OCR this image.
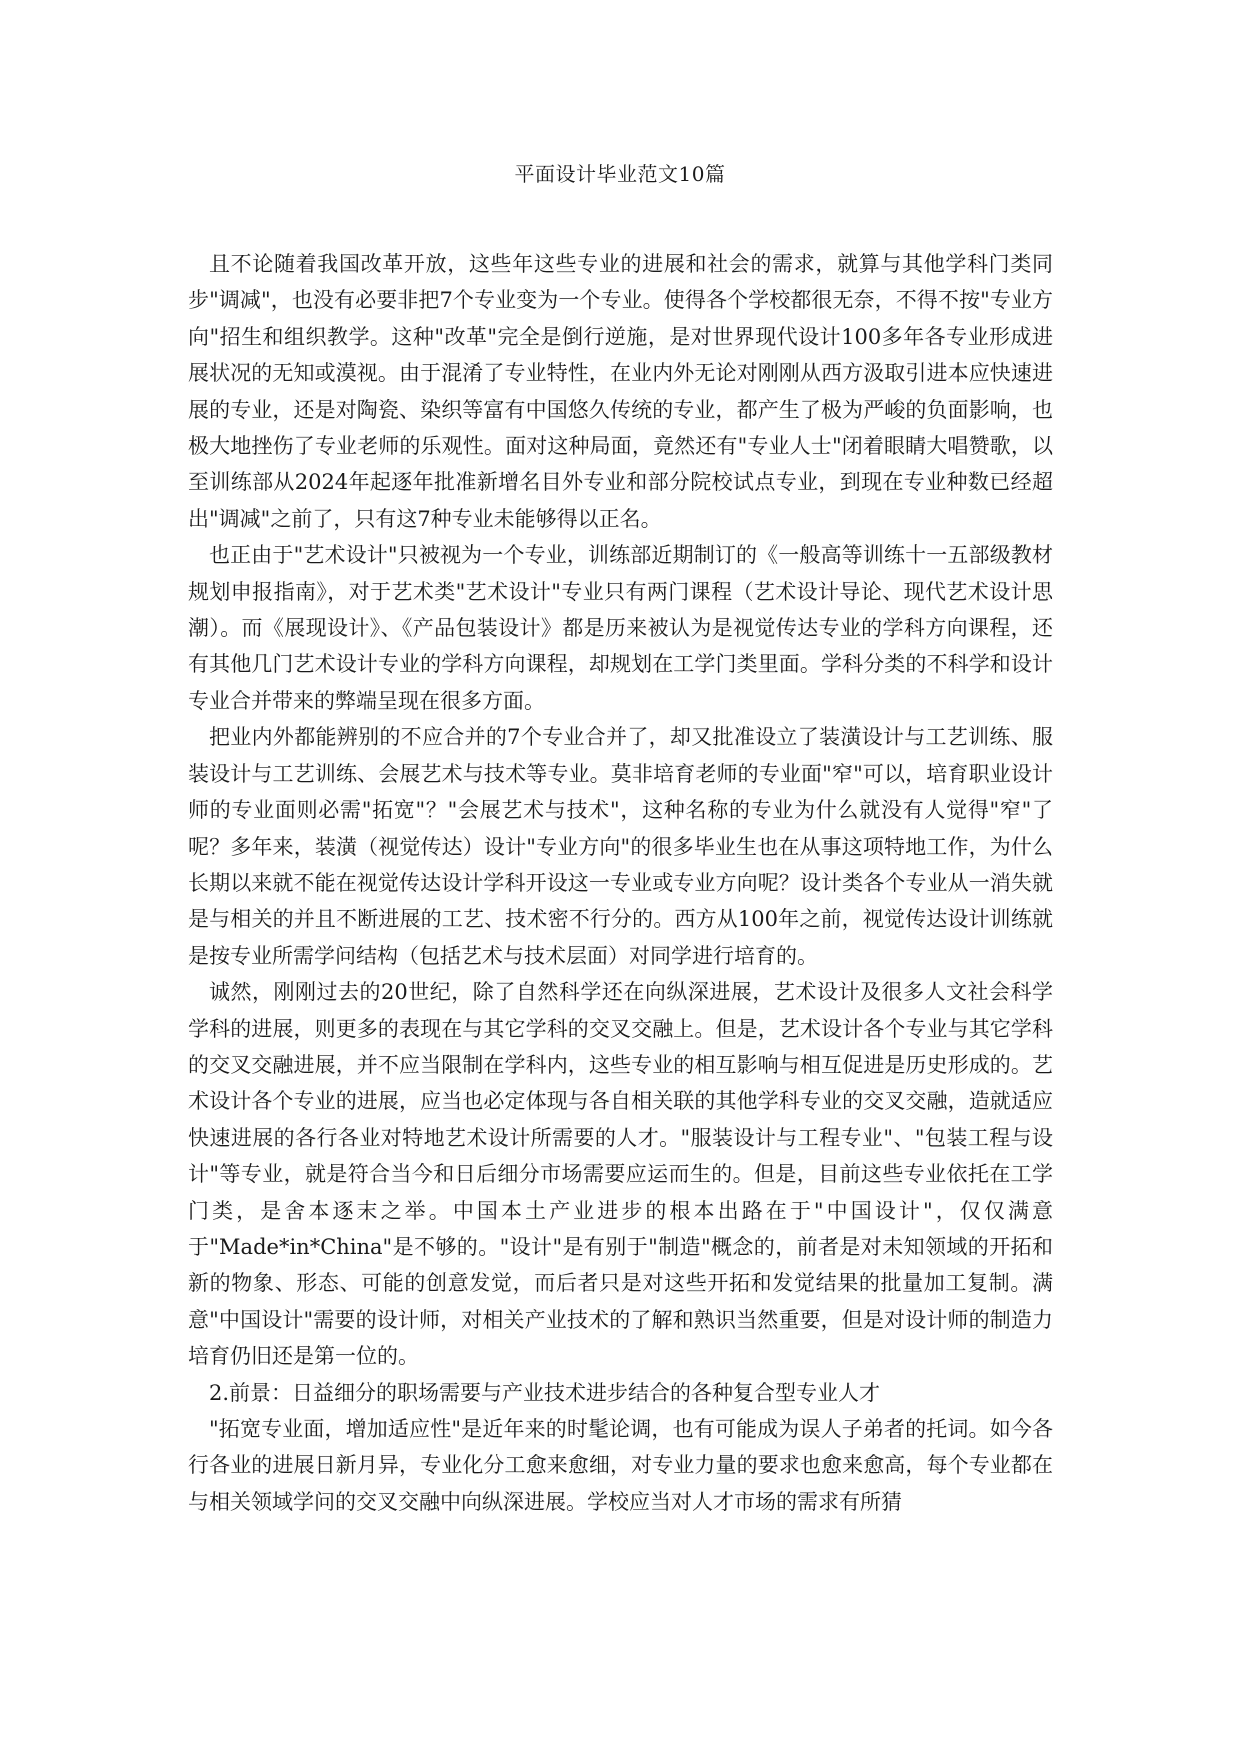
平面设计毕业范文10篇

且不论随着我国改革开放，这些年这些专业的进展和社会的需求，就算与其他学科门类同步"调减"，也没有必要非把7个专业变为一个专业。使得各个学校都很无奈，不得不按"专业方向"招生和组织教学。这种"改革"完全是倒行逆施，是对世界现代设计100多年各专业形成进展状况的无知或漠视。由于混淆了专业特性，在业内外无论对刚刚从西方汲取引进本应快速进展的专业，还是对陶瓷、染织等富有中国悠久传统的专业，都产生了极为严峻的负面影响，也极大地挫伤了专业老师的乐观性。面对这种局面，竟然还有"专业人士"闭着眼睛大唱赞歌，以至训练部从2024年起逐年批准新增名目外专业和部分院校试点专业，到现在专业种数已经超出"调减"之前了，只有这7种专业未能够得以正名。

也正由于"艺术设计"只被视为一个专业，训练部近期制订的《一般高等训练十一五部级教材规划申报指南》，对于艺术类"艺术设计"专业只有两门课程（艺术设计导论、现代艺术设计思潮）。而《展现设计》、《产品包装设计》都是历来被认为是视觉传达专业的学科方向课程，还有其他几门艺术设计专业的学科方向课程，却规划在工学门类里面。学科分类的不科学和设计专业合并带来的弊端呈现在很多方面。

把业内外都能辨别的不应合并的7个专业合并了，却又批准设立了装潢设计与工艺训练、服装设计与工艺训练、会展艺术与技术等专业。莫非培育老师的专业面"窄"可以，培育职业设计师的专业面则必需"拓宽"？"会展艺术与技术"，这种名称的专业为什么就没有人觉得"窄"了呢？多年来，装潢（视觉传达）设计"专业方向"的很多毕业生也在从事这项特地工作，为什么长期以来就不能在视觉传达设计学科开设这一专业或专业方向呢？设计类各个专业从一消失就是与相关的并且不断进展的工艺、技术密不行分的。西方从100年之前，视觉传达设计训练就是按专业所需学问结构（包括艺术与技术层面）对同学进行培育的。

诚然，刚刚过去的20世纪，除了自然科学还在向纵深进展，艺术设计及很多人文社会科学学科的进展，则更多的表现在与其它学科的交叉交融上。但是，艺术设计各个专业与其它学科的交叉交融进展，并不应当限制在学科内，这些专业的相互影响与相互促进是历史形成的。艺术设计各个专业的进展，应当也必定体现与各自相关联的其他学科专业的交叉交融，造就适应快速进展的各行各业对特地艺术设计所需要的人才。"服装设计与工程专业"、"包装工程与设计"等专业，就是符合当今和日后细分市场需要应运而生的。但是，目前这些专业依托在工学门类，是舍本逐末之举。中国本土产业进步的根本出路在于"中国设计"，仅仅满意于"Made*in*China"是不够的。"设计"是有别于"制造"概念的，前者是对未知领域的开拓和新的物象、形态、可能的创意发觉，而后者只是对这些开拓和发觉结果的批量加工复制。满意"中国设计"需要的设计师，对相关产业技术的了解和熟识当然重要，但是对设计师的制造力培育仍旧还是第一位的。

2.前景：日益细分的职场需要与产业技术进步结合的各种复合型专业人才

"拓宽专业面，增加适应性"是近年来的时髦论调，也有可能成为误人子弟者的托词。如今各行各业的进展日新月异，专业化分工愈来愈细，对专业力量的要求也愈来愈高，每个专业都在与相关领域学问的交叉交融中向纵深进展。学校应当对人才市场的需求有所猜
